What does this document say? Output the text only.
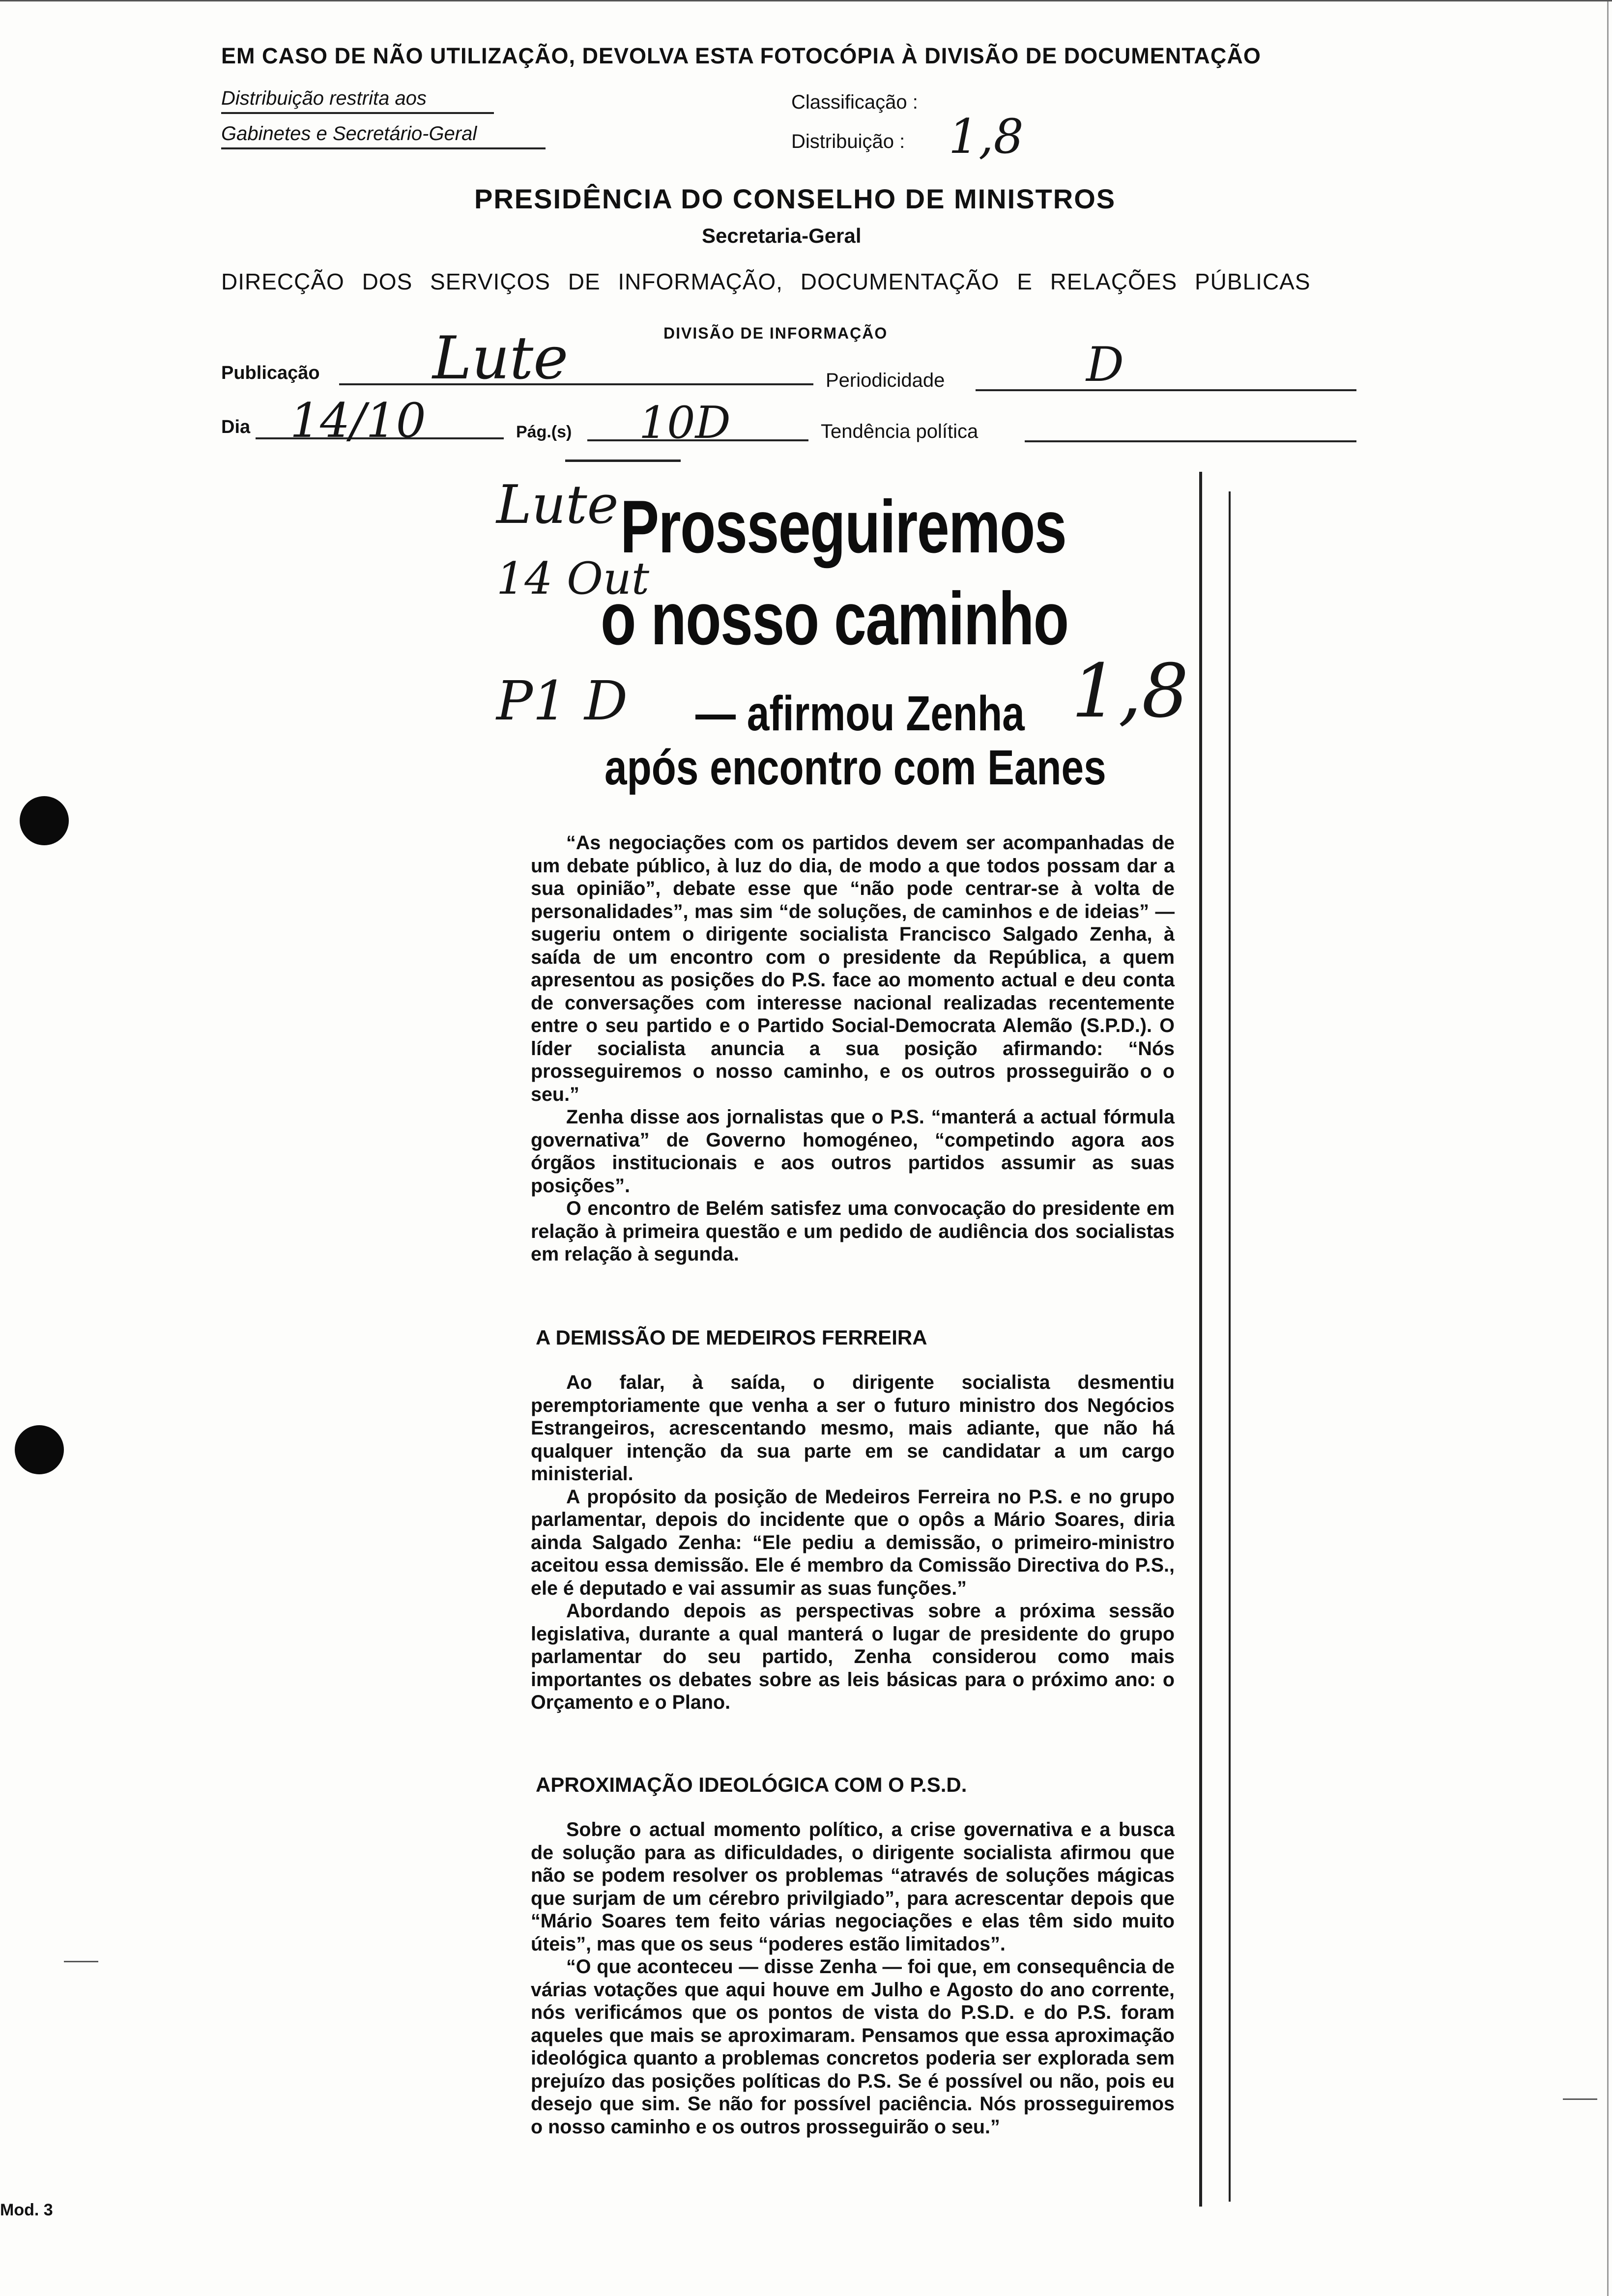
EM CASO DE NÃO UTILIZAÇÃO, DEVOLVA ESTA FOTOCÓPIA À DIVISÃO DE DOCUMENTAÇÃO
Distribuição restrita aos
Gabinetes e Secretário-Geral
Classificação :
Distribuição : 1,8
PRESIDÊNCIA DO CONSELHO DE MINISTROS
Secretaria-Geral
DIRECÇÃO DOS SERVIÇOS DE INFORMAÇÃO, DOCUMENTAÇÃO E RELAÇÕES PÚBLICAS
DIVISÃO DE INFORMAÇÃO
Publicação Lute	Periodicidade	D
Dia 14/10	Pág.(s) 10D	Tendência política
Lute
14 Out
P1 D	1,8
Prosseguiremos
o nosso caminho
— afirmou Zenha
após encontro com Eanes

“As negociações com os partidos devem ser acompanhadas de um debate público, à luz do dia, de modo a que todos possam dar a sua opinião”, debate esse que “não pode centrar-se à volta de personalidades”, mas sim “de soluções, de caminhos e de ideias” — sugeriu ontem o dirigente socialista Francisco Salgado Zenha, à saída de um encontro com o presidente da República, a quem apresentou as posições do P.S. face ao momento actual e deu conta de conversações com interesse nacional realizadas recentemente entre o seu partido e o Partido Social-Democrata Alemão (S.P.D.). O líder socialista anuncia a sua posição afirmando: “Nós prosseguiremos o nosso caminho, e os outros prosseguirão o o seu.”

Zenha disse aos jornalistas que o P.S. “manterá a actual fórmula governativa” de Governo homogéneo, “competindo agora aos órgãos institucionais e aos outros partidos assumir as suas posições”.

O encontro de Belém satisfez uma convocação do presidente em relação à primeira questão e um pedido de audiência dos socialistas em relação à segunda.

A DEMISSÃO DE MEDEIROS FERREIRA

Ao falar, à saída, o dirigente socialista desmentiu peremptoriamente que venha a ser o futuro ministro dos Negócios Estrangeiros, acrescentando mesmo, mais adiante, que não há qualquer intenção da sua parte em se candidatar a um cargo ministerial.

A propósito da posição de Medeiros Ferreira no P.S. e no grupo parlamentar, depois do incidente que o opôs a Mário Soares, diria ainda Salgado Zenha: “Ele pediu a demissão, o primeiro-ministro aceitou essa demissão. Ele é membro da Comissão Directiva do P.S., ele é deputado e vai assumir as suas funções.”

Abordando depois as perspectivas sobre a próxima sessão legislativa, durante a qual manterá o lugar de presidente do grupo parlamentar do seu partido, Zenha considerou como mais importantes os debates sobre as leis básicas para o próximo ano: o Orçamento e o Plano.

APROXIMAÇÃO IDEOLÓGICA COM O P.S.D.

Sobre o actual momento político, a crise governativa e a busca de solução para as dificuldades, o dirigente socialista afirmou que não se podem resolver os problemas “através de soluções mágicas que surjam de um cérebro privilgiado”, para acrescentar depois que “Mário Soares tem feito várias negociações e elas têm sido muito úteis”, mas que os seus “poderes estão limitados”.

“O que aconteceu — disse Zenha — foi que, em consequência de várias votações que aqui houve em Julho e Agosto do ano corrente, nós verificámos que os pontos de vista do P.S.D. e do P.S. foram aqueles que mais se aproximaram. Pensamos que essa aproximação ideológica quanto a problemas concretos poderia ser explorada sem prejuízo das posições políticas do P.S. Se é possível ou não, pois eu desejo que sim. Se não for possível paciência. Nós prosseguiremos o nosso caminho e os outros prosseguirão o seu.”

Mod. 3
